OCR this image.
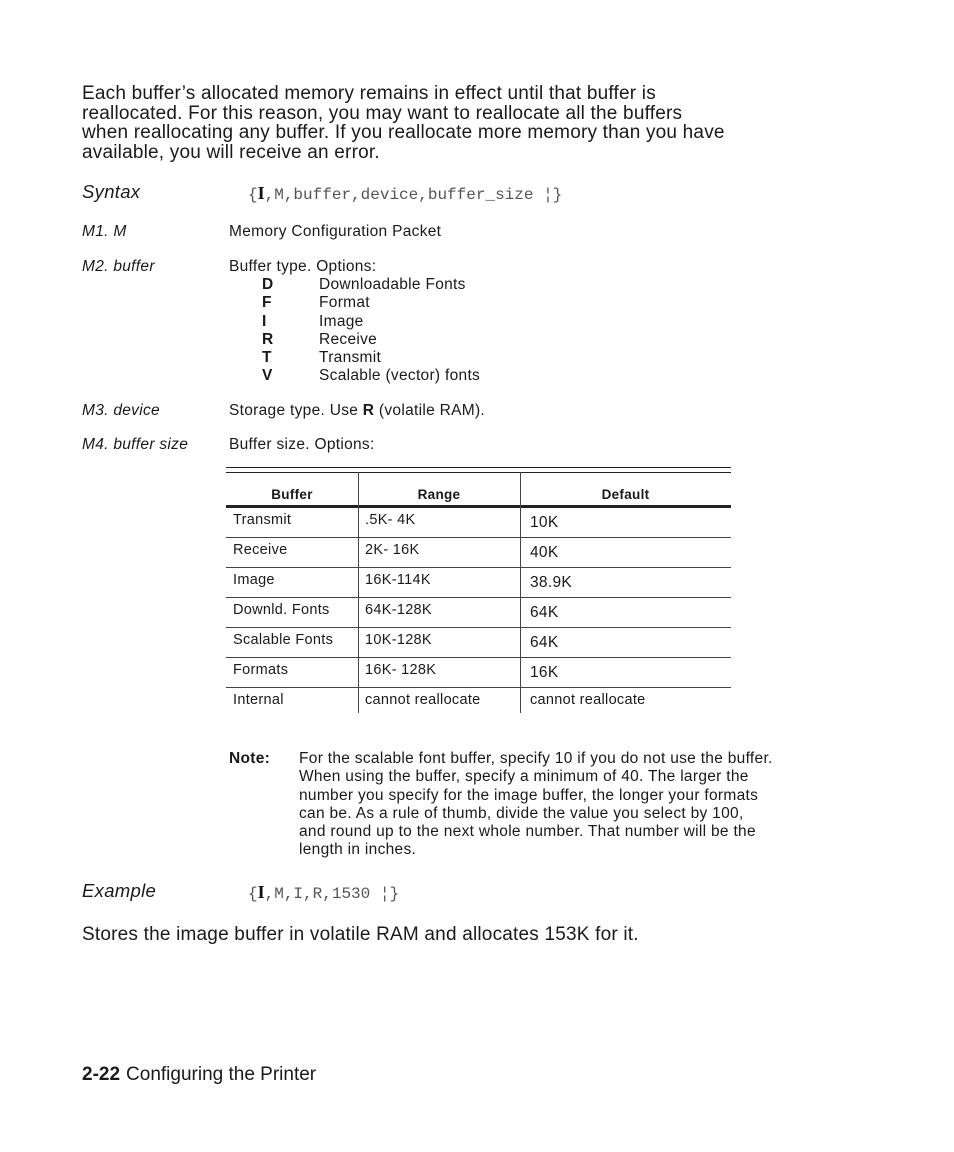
Each buffer’s allocated memory remains in effect until that buffer is
reallocated. For this reason, you may want to reallocate all the buffers
when reallocating any buffer. If you reallocate more memory than you have
available, you will receive an error.
Syntax	{I,M,buffer,device,buffer_size ¦}
M1. M	Memory Configuration Packet
M2. buffer	Buffer type. Options:
D	Downloadable Fonts
F	Format
I	Image
R	Receive
T	Transmit
V	Scalable (vector) fonts
M3. device	Storage type. Use R (volatile RAM).
M4. buffer size	Buffer size. Options:
Buffer	Range	Default
Transmit	.5K- 4K	10K
Receive	2K- 16K	40K
Image	16K-114K	38.9K
Downld. Fonts 64K-128K	64K
Scalable Fonts 10K-128K	64K
Formats	16K- 128K	16K
Internal	cannot reallocate	cannot reallocate
Note: For the scalable font buffer, specify 10 if you do not use the buffer.
When using the buffer, specify a minimum of 40. The larger the
number you specify for the image buffer, the longer your formats
can be. As a rule of thumb, divide the value you select by 100,
and round up to the next whole number. That number will be the
length in inches.
Example	{I,M,I,R,1530 ¦}
Stores the image buffer in volatile RAM and allocates 153K for it.
2-22 Configuring the Printer
